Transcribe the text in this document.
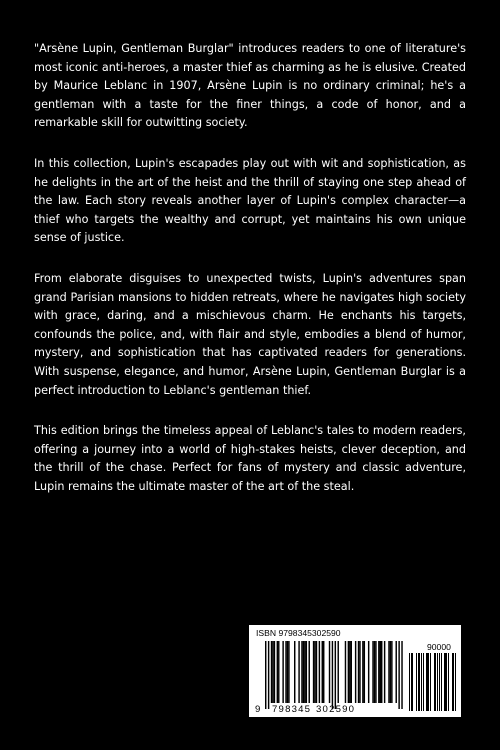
"Arsène Lupin, Gentleman Burglar" introduces readers to one of literature's most iconic anti-heroes, a master thief as charming as he is elusive. Created by Maurice Leblanc in 1907, Arsène Lupin is no ordinary criminal; he's a gentleman with a taste for the finer things, a code of honor, and a remarkable skill for outwitting society.

In this collection, Lupin's escapades play out with wit and sophistication, as he delights in the art of the heist and the thrill of staying one step ahead of the law. Each story reveals another layer of Lupin's complex character—a thief who targets the wealthy and corrupt, yet maintains his own unique sense of justice.

From elaborate disguises to unexpected twists, Lupin's adventures span grand Parisian mansions to hidden retreats, where he navigates high society with grace, daring, and a mischievous charm. He enchants his targets, confounds the police, and, with flair and style, embodies a blend of humor, mystery, and sophistication that has captivated readers for generations. With suspense, elegance, and humor, Arsène Lupin, Gentleman Burglar is a perfect introduction to Leblanc's gentleman thief.

This edition brings the timeless appeal of Leblanc's tales to modern readers, offering a journey into a world of high-stakes heists, clever deception, and the thrill of the chase. Perfect for fans of mystery and classic adventure, Lupin remains the ultimate master of the art of the steal.

ISBN 9798345302590
90000
9 798345 302590
